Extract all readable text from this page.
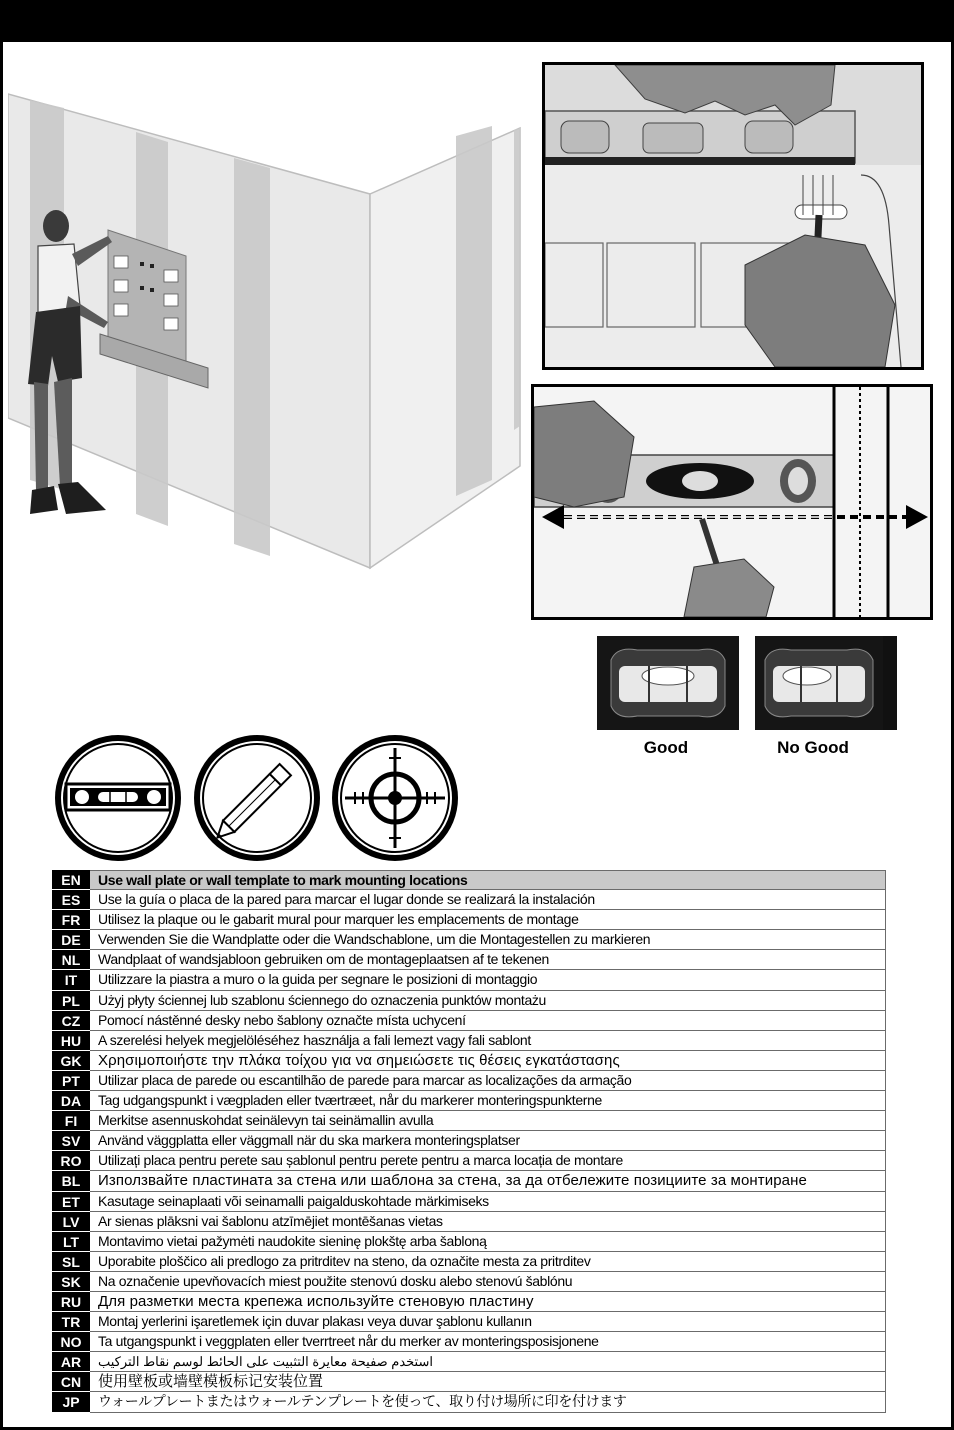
Good	No Good
EN	Use wall plate or wall template to mark mounting locations
ES	Use la guía o placa de la pared para marcar el lugar donde se realizará la instalación
FR	Utilisez la plaque ou le gabarit mural pour marquer les emplacements de montage
DE	Verwenden Sie die Wandplatte oder die Wandschablone, um die Montagestellen zu markieren
NL	Wandplaat of wandsjabloon gebruiken om de montageplaatsen af te tekenen
IT	Utilizzare la piastra a muro o la guida per segnare le posizioni di montaggio
PL	Użyj płyty ściennej lub szablonu ściennego do oznaczenia punktów montażu
CZ	Pomocí nástěnné desky nebo šablony označte místa uchycení
HU	A szerelési helyek megjelöléséhez használja a fali lemezt vagy fali sablont
GK	Χρησιμοποιήστε την πλάκα τοίχου για να σημειώσετε τις θέσεις εγκατάστασης
PT	Utilizar placa de parede ou escantilhão de parede para marcar as localizações da armação
DA	Tag udgangspunkt i vægpladen eller tværtræet, når du markerer monteringspunkterne
FI	Merkitse asennuskohdat seinälevyn tai seinämallin avulla
SV	Använd väggplatta eller väggmall när du ska markera monteringsplatser
RO	Utilizați placa pentru perete sau șablonul pentru perete pentru a marca locația de montare
BL	Използвайте пластината за стена или шаблона за стена, за да отбележите позициите за монтиране
ET	Kasutage seinaplaati või seinamalli paigalduskohtade märkimiseks
LV	Ar sienas plāksni vai šablonu atzīmējiet montēšanas vietas
LT	Montavimo vietai pažymėti naudokite sieninę plokštę arba šabloną
SL	Uporabite ploščico ali predlogo za pritrditev na steno, da označite mesta za pritrditev
SK	Na označenie upevňovacích miest použite stenovú dosku alebo stenovú šablónu
RU	Для разметки места крепежа используйте стеновую пластину
TR	Montaj yerlerini işaretlemek için duvar plakası veya duvar şablonu kullanın
NO	Ta utgangspunkt i veggplaten eller tverrtreet når du merker av monteringsposisjonene
AR	استخدم صفيحة معايرة التثبيت على الحائط لوسم نقاط التركيب
CN	使用壁板或墙壁模板标记安装位置
JP	ウォールプレートまたはウォールテンプレートを使って、取り付け場所に印を付けます
